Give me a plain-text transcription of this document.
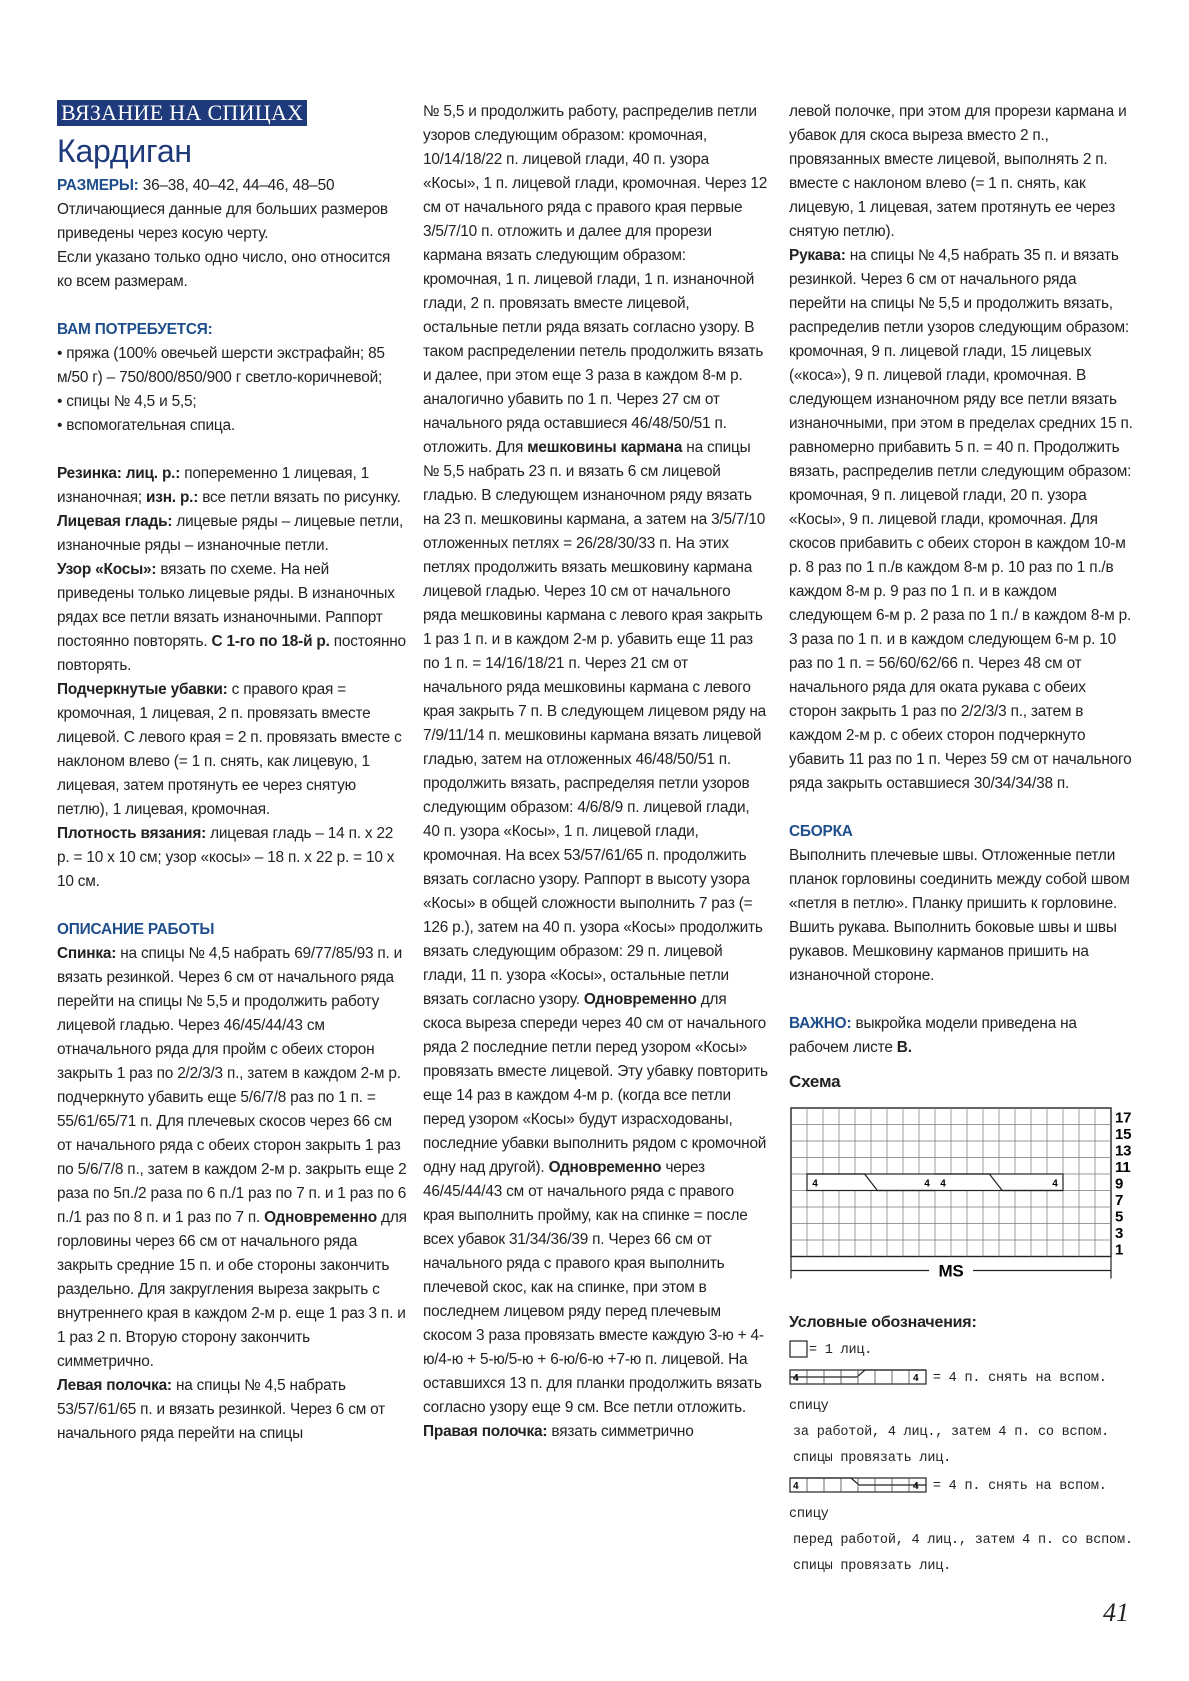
ВЯЗАНИЕ НА СПИЦАХ

Кардиган

РАЗМЕРЫ: 36–38, 40–42, 44–46, 48–50

Отличающиеся данные для больших размеров приведены через косую черту.

Если указано только одно число, оно относится ко всем размерам.

ВАМ ПОТРЕБУЕТСЯ:

• пряжа (100% овечьей шерсти экстрафайн; 85 м/50 г) – 750/800/850/900 г светло-коричневой;

• спицы № 4,5 и 5,5;

• вспомогательная спица.

Резинка: лиц. р.: попеременно 1 лицевая, 1 изнаночная; изн. р.: все петли вязать по рисунку.

Лицевая гладь: лицевые ряды – лицевые петли, изнаночные ряды – изнаночные петли.

Узор «Косы»: вязать по схеме. На ней приведены только лицевые ряды. В изнаночных рядах все петли вязать изнаночными. Раппорт постоянно повторять. С 1-го по 18-й р. постоянно повторять.

Подчеркнутые убавки: с правого края = кромочная, 1 лицевая, 2 п. провязать вместе лицевой. С левого края = 2 п. провязать вместе с наклоном влево (= 1 п. снять, как лицевую, 1 лицевая, затем протянуть ее через снятую петлю), 1 лицевая, кромочная.

Плотность вязания: лицевая гладь – 14 п. х 22 р. = 10 х 10 см; узор «косы» – 18 п. х 22 р. = 10 х 10 см.

ОПИСАНИЕ РАБОТЫ

Спинка: на спицы № 4,5 набрать 69/77/85/93 п. и вязать резинкой. Через 6 см от начального ряда перейти на спицы № 5,5 и продолжить работу лицевой гладью. Через 46/45/44/43 см отначального ряда для пройм с обеих сторон закрыть 1 раз по 2/2/3/3 п., затем в каждом 2-м р. подчеркнуто убавить еще 5/6/7/8 раз по 1 п. = 55/61/65/71 п. Для плечевых скосов через 66 см от начального ряда с обеих сторон закрыть 1 раз по 5/6/7/8 п., затем в каждом 2-м р. закрыть еще 2 раза по 5п./2 раза по 6 п./1 раз по 7 п. и 1 раз по 6 п./1 раз по 8 п. и 1 раз по 7 п. Одновременно для горловины через 66 см от начального ряда закрыть средние 15 п. и обе стороны закончить раздельно. Для закругления выреза закрыть с внутреннего края в каждом 2-м р. еще 1 раз 3 п. и 1 раз 2 п. Вторую сторону закончить симметрично.

Левая полочка: на спицы № 4,5 набрать 53/57/61/65 п. и вязать резинкой. Через 6 см от начального ряда перейти на спицы

№ 5,5 и продолжить работу, распределив петли узоров следующим образом: кромочная, 10/14/18/22 п. лицевой глади, 40 п. узора «Косы», 1 п. лицевой глади, кромочная. Через 12 см от начального ряда с правого края первые 3/5/7/10 п. отложить и далее для прорези кармана вязать следующим образом: кромочная, 1 п. лицевой глади, 1 п. изнаночной глади, 2 п. провязать вместе лицевой, остальные петли ряда вязать согласно узору. В таком распределении петель продолжить вязать и далее, при этом еще 3 раза в каждом 8-м р. аналогично убавить по 1 п. Через 27 см от начального ряда оставшиеся 46/48/50/51 п. отложить. Для мешковины кармана на спицы № 5,5 набрать 23 п. и вязать 6 см лицевой гладью. В следующем изнаночном ряду вязать на 23 п. мешковины кармана, а затем на 3/5/7/10 отложенных петлях = 26/28/30/33 п. На этих петлях продолжить вязать мешковину кармана лицевой гладью. Через 10 см от начального ряда мешковины кармана с левого края закрыть 1 раз 1 п. и в каждом 2-м р. убавить еще 11 раз по 1 п. = 14/16/18/21 п. Через 21 см от начального ряда мешковины кармана с левого края закрыть 7 п. В следующем лицевом ряду на 7/9/11/14 п. мешковины кармана вязать лицевой гладью, затем на отложенных 46/48/50/51 п. продолжить вязать, распределяя петли узоров следующим образом: 4/6/8/9 п. лицевой глади, 40 п. узора «Косы», 1 п. лицевой глади, кромочная. На всех 53/57/61/65 п. продолжить вязать согласно узору. Раппорт в высоту узора «Косы» в общей сложности выполнить 7 раз (= 126 р.), затем на 40 п. узора «Косы» продолжить вязать следующим образом: 29 п. лицевой глади, 11 п. узора «Косы», остальные петли вязать согласно узору. Одновременно для скоса выреза спереди через 40 см от начального ряда 2 последние петли перед узором «Косы» провязать вместе лицевой. Эту убавку повторить еще 14 раз в каждом 4-м р. (когда все петли перед узором «Косы» будут израсходованы, последние убавки выполнить рядом с кромочной одну над другой). Одновременно через 46/45/44/43 см от начального ряда с правого края выполнить пройму, как на спинке = после всех убавок 31/34/36/39 п. Через 66 см от начального ряда с правого края выполнить плечевой скос, как на спинке, при этом в последнем лицевом ряду перед плечевым скосом 3 раза провязать вместе каждую 3-ю + 4-ю/4-ю + 5-ю/5-ю + 6-ю/6-ю +7-ю п. лицевой. На оставшихся 13 п. для планки продолжить вязать согласно узору еще 9 см. Все петли отложить.

Правая полочка: вязать симметрично

левой полочке, при этом для прорези кармана и убавок для скоса выреза вместо 2 п., провязанных вместе лицевой, выполнять 2 п. вместе с наклоном влево (= 1 п. снять, как лицевую, 1 лицевая, затем протянуть ее через снятую петлю).

Рукава: на спицы № 4,5 набрать 35 п. и вязать резинкой. Через 6 см от начального ряда перейти на спицы № 5,5 и продолжить вязать, распределив петли узоров следующим образом: кромочная, 9 п. лицевой глади, 15 лицевых («коса»), 9 п. лицевой глади, кромочная. В следующем изнаночном ряду все петли вязать изнаночными, при этом в пределах средних 15 п. равномерно прибавить 5 п. = 40 п. Продолжить вязать, распределив петли следующим образом: кромочная, 9 п. лицевой глади, 20 п. узора «Косы», 9 п. лицевой глади, кромочная. Для скосов прибавить с обеих сторон в каждом 10-м р. 8 раз по 1 п./в каждом 8-м р. 10 раз по 1 п./в каждом 8-м р. 9 раз по 1 п. и в каждом следующем 6-м р. 2 раза по 1 п./ в каждом 8-м р. 3 раза по 1 п. и в каждом следующем 6-м р. 10 раз по 1 п. = 56/60/62/66 п. Через 48 см от начального ряда для оката рукава с обеих сторон закрыть 1 раз по 2/2/3/3 п., затем в каждом 2-м р. с обеих сторон подчеркнуто убавить 11 раз по 1 п. Через 59 см от начального ряда закрыть оставшиеся 30/34/34/38 п.

СБОРКА

Выполнить плечевые швы. Отложенные петли планок горловины соединить между собой швом «петля в петлю». Планку пришить к горловине. Вшить рукава. Выполнить боковые швы и швы рукавов. Мешковину карманов пришить на изнаночной стороне.

ВАЖНО: выкройка модели приведена на рабочем листе В.

Схема

4	4 4	4
17
15
13
11
9
7
5
3
1
MS
Условные обозначения:
= 1 лиц.
4	4 = 4 п. снять на вспом. спицу
за работой, 4 лиц., затем 4 п. со вспом. спицы провязать лиц.
4	4 = 4 п. снять на вспом. спицу
перед работой, 4 лиц., затем 4 п. со вспом. спицы провязать лиц.
41
